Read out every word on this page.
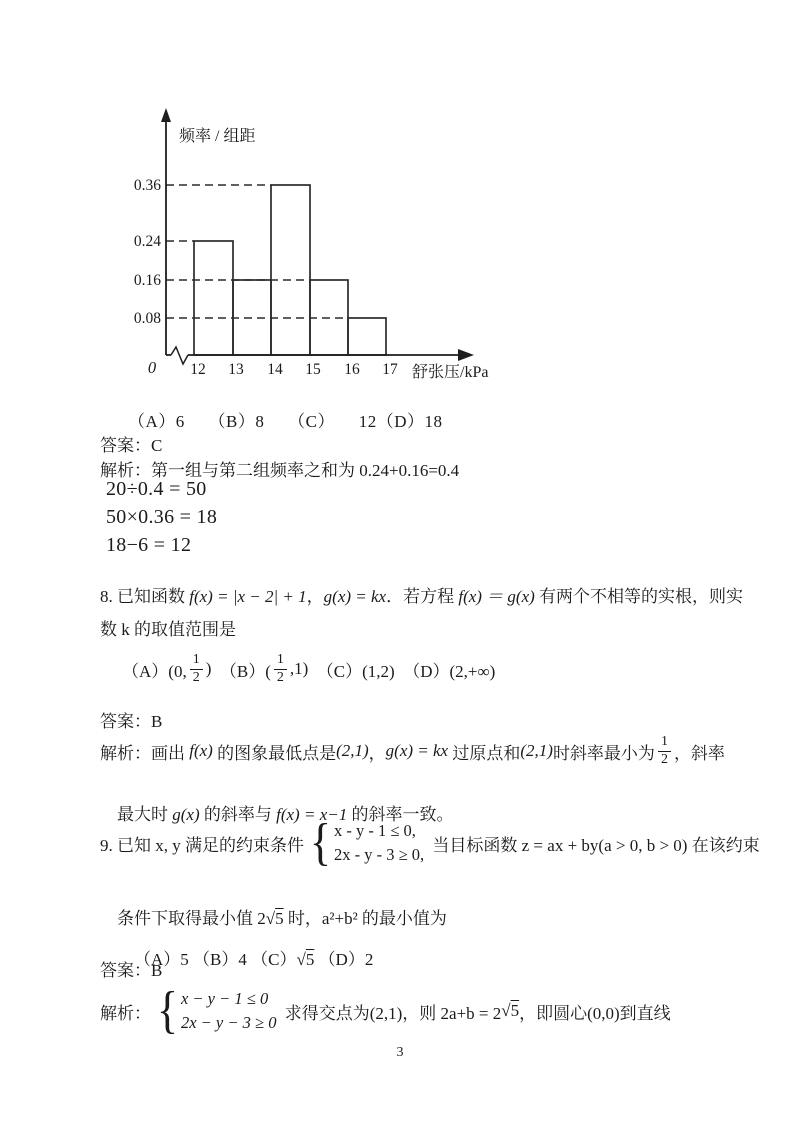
频率 / 组距
舒张压/kPa
0
0.36
0.24
0.16
0.08
12 13 14 15 16 17
（A）6     （B）8     （C）     12（D）18
答案：C
解析：第一组与第二组频率之和为 0.24+0.16=0.4
20÷0.4 = 50
50×0.36 = 18
18−6 = 12
8. 已知函数 f(x) = |x − 2| + 1，g(x) = kx．若方程 f(x) ＝ g(x) 有两个不相等的实根，则实
数 k 的取值范围是
（A）(0, $\frac{1}{2}$ ) $(B)( \frac{1}{2} ,1)$ （C）(1,2) （D）(2,+∞)
答案：B
解析：画出 f(x) 的图象最低点是 (2,1) ， g(x) = kx 过原点和 (2,1) 时斜率最小为 $\frac{1}{2}$ ，斜率

最大时 g(x) 的斜率与 f(x) = x−1 的斜率一致。

9. 已知 x, y 满足的约束条件 { x - y - 1 ≤ 0,
2x - y - 3 ≥ 0, 当目标函数 z = ax + by(a > 0, b > 0) 在该约束

条件下取得最小值 2√5 时，a²+b² 的最小值为

（A）5 （B）4 （C）√5 （D）2

答案：B
解析： { x − y − 1 ≤ 0
2x − y − 3 ≥ 0 求得交点为(2,1)，则 2a+b = 2 √5 ，即圆心(0,0)到直线
3
